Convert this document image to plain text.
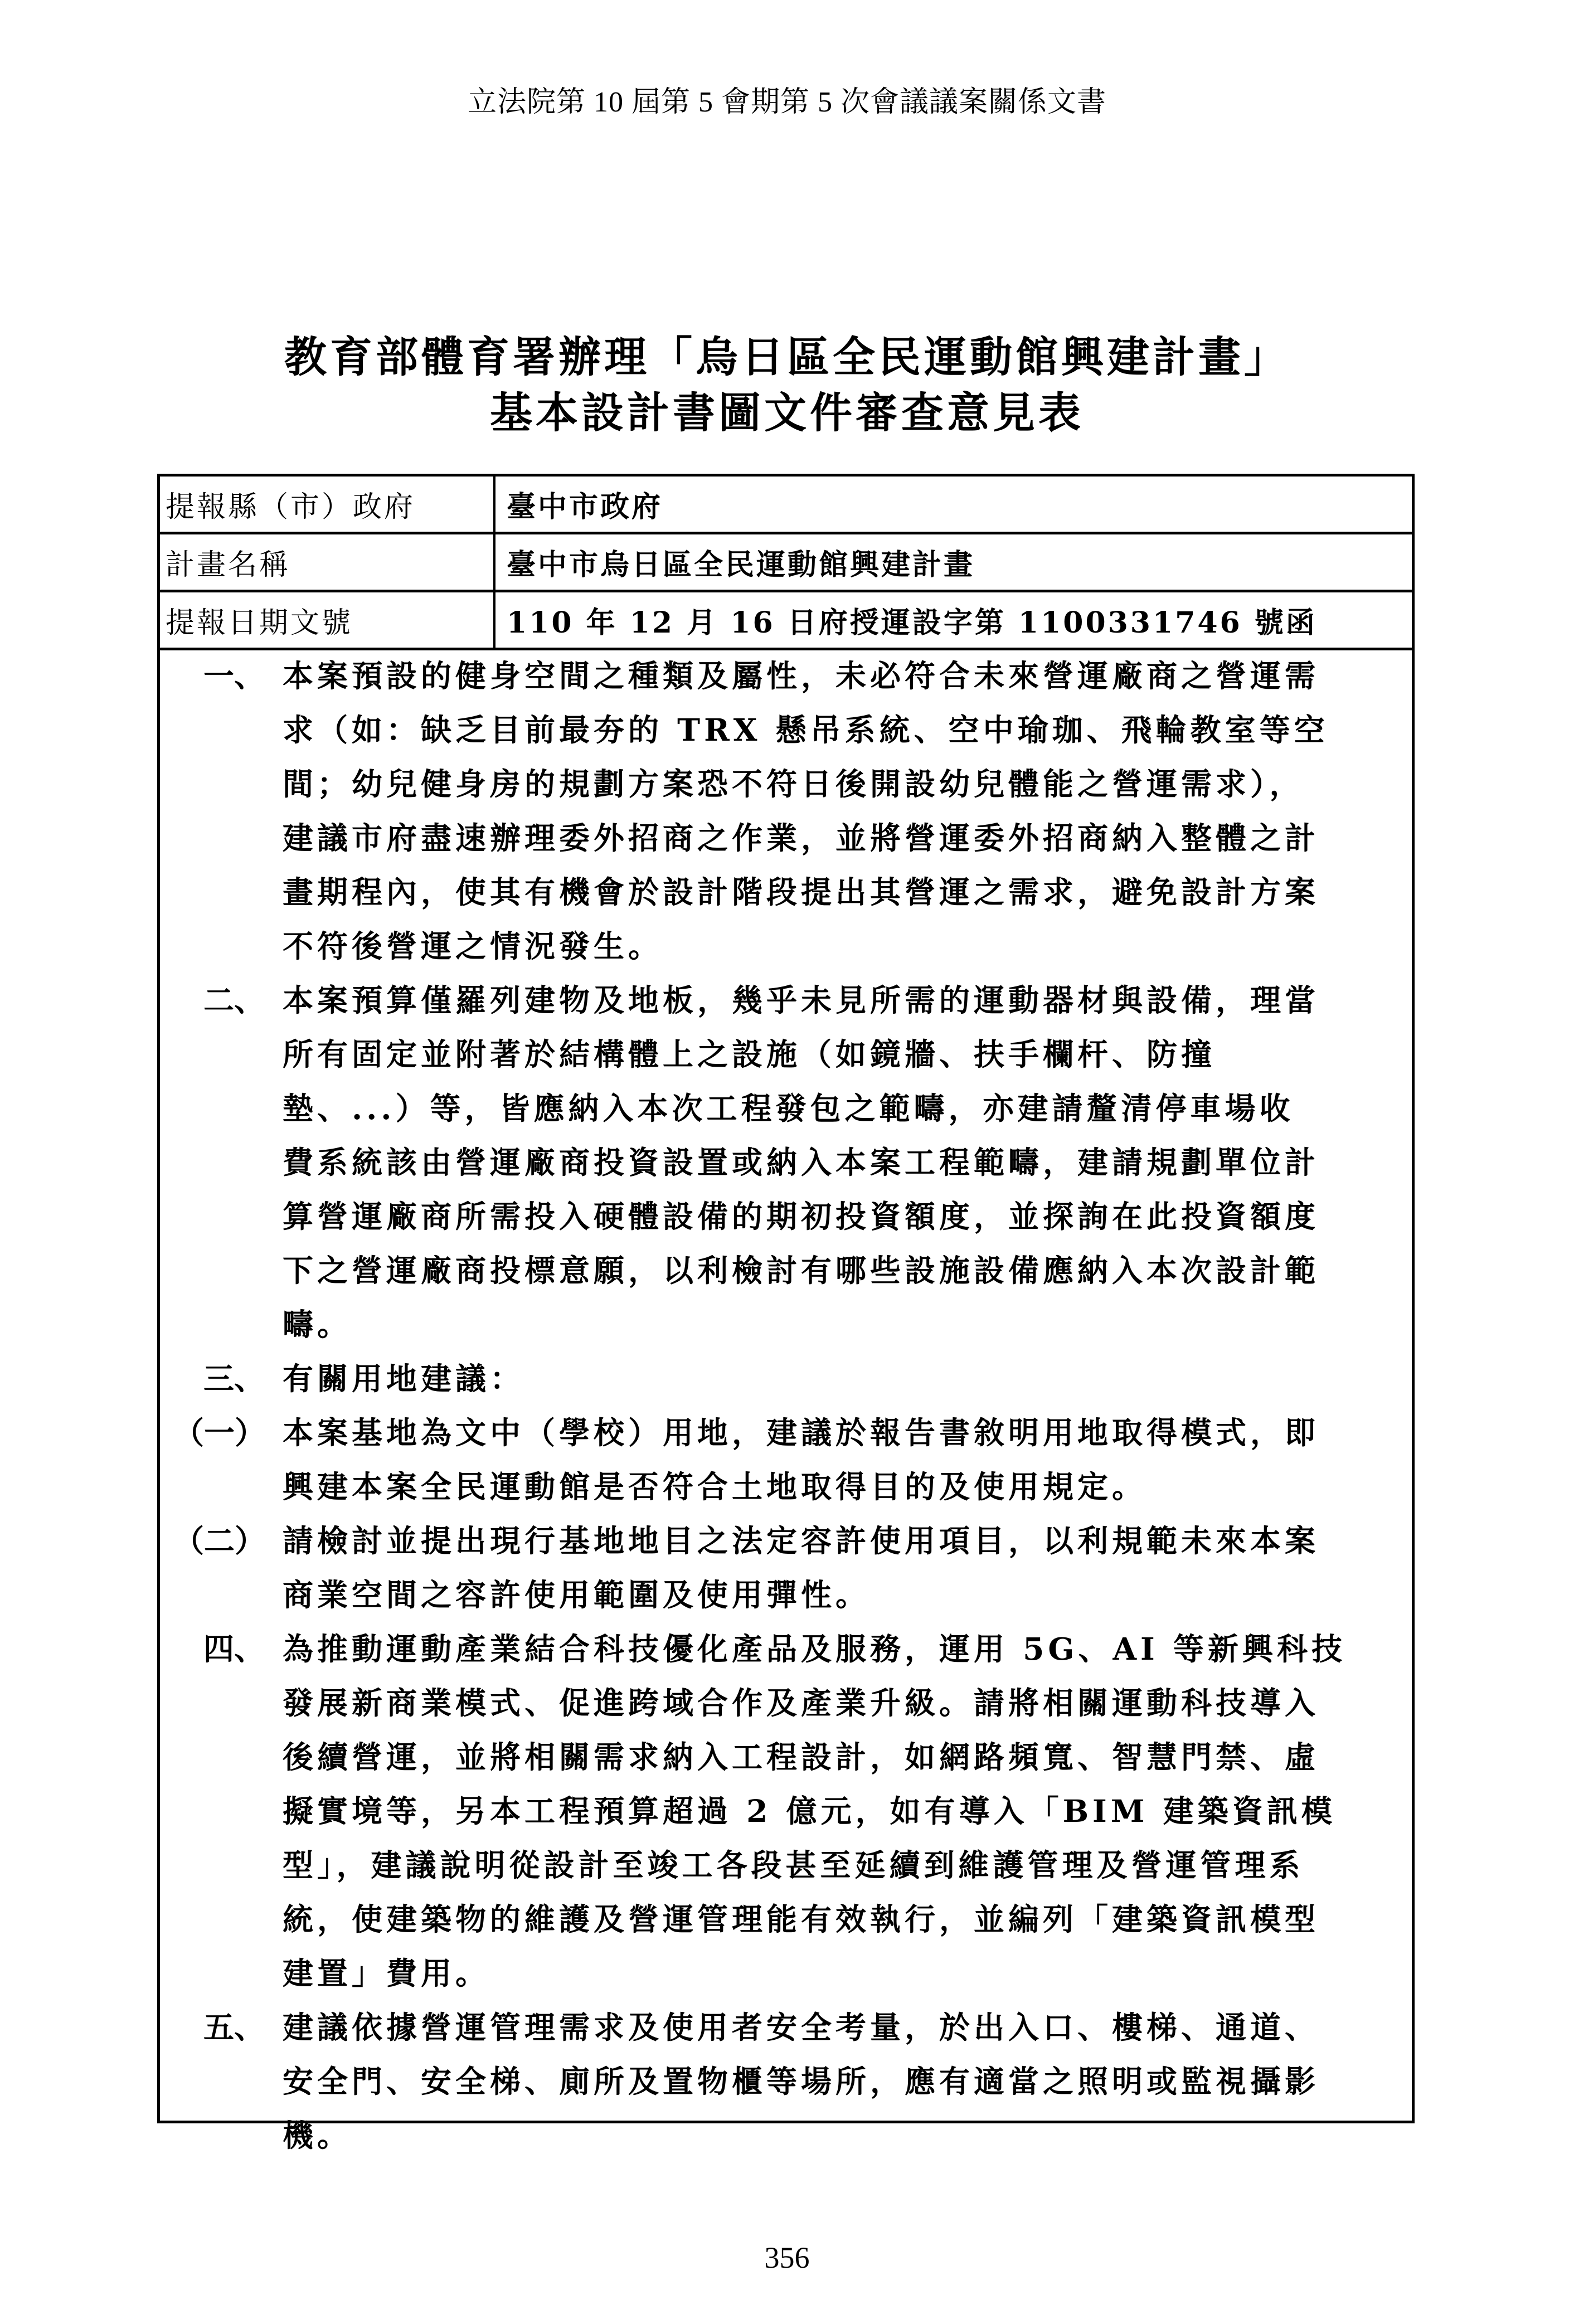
立法院第 10 屆第 5 會期第 5 次會議議案關係文書
教育部體育署辦理「烏日區全民運動館興建計畫」
基本設計書圖文件審查意見表
提報縣（市）政府	臺中市政府
計畫名稱	臺中市烏日區全民運動館興建計畫
提報日期文號	110 年 12 月 16 日府授運設字第 1100331746 號函
一、 本案預設的健身空間之種類及屬性，未必符合未來營運廠商之營運需
求（如：缺乏目前最夯的 TRX 懸吊系統、空中瑜珈、飛輪教室等空
間；幼兒健身房的規劃方案恐不符日後開設幼兒體能之營運需求），
建議市府盡速辦理委外招商之作業，並將營運委外招商納入整體之計
畫期程內，使其有機會於設計階段提出其營運之需求，避免設計方案
不符後營運之情況發生。
二、 本案預算僅羅列建物及地板，幾乎未見所需的運動器材與設備，理當
所有固定並附著於結構體上之設施（如鏡牆、扶手欄杆、防撞
墊、...）等，皆應納入本次工程發包之範疇，亦建請釐清停車場收
費系統該由營運廠商投資設置或納入本案工程範疇，建請規劃單位計
算營運廠商所需投入硬體設備的期初投資額度，並探詢在此投資額度
下之營運廠商投標意願，以利檢討有哪些設施設備應納入本次設計範
疇。
三、 有關用地建議：
（一） 本案基地為文中（學校）用地，建議於報告書敘明用地取得模式，即
興建本案全民運動館是否符合土地取得目的及使用規定。
（二） 請檢討並提出現行基地地目之法定容許使用項目，以利規範未來本案
商業空間之容許使用範圍及使用彈性。
四、 為推動運動產業結合科技優化產品及服務，運用 5G、AI 等新興科技
發展新商業模式、促進跨域合作及產業升級。請將相關運動科技導入
後續營運，並將相關需求納入工程設計，如網路頻寬、智慧門禁、虛
擬實境等，另本工程預算超過 2 億元，如有導入「BIM 建築資訊模
型」，建議說明從設計至竣工各段甚至延續到維護管理及營運管理系
統，使建築物的維護及營運管理能有效執行，並編列「建築資訊模型
建置」費用。
五、 建議依據營運管理需求及使用者安全考量，於出入口、樓梯、通道、
安全門、安全梯、廁所及置物櫃等場所，應有適當之照明或監視攝影
機。
356
